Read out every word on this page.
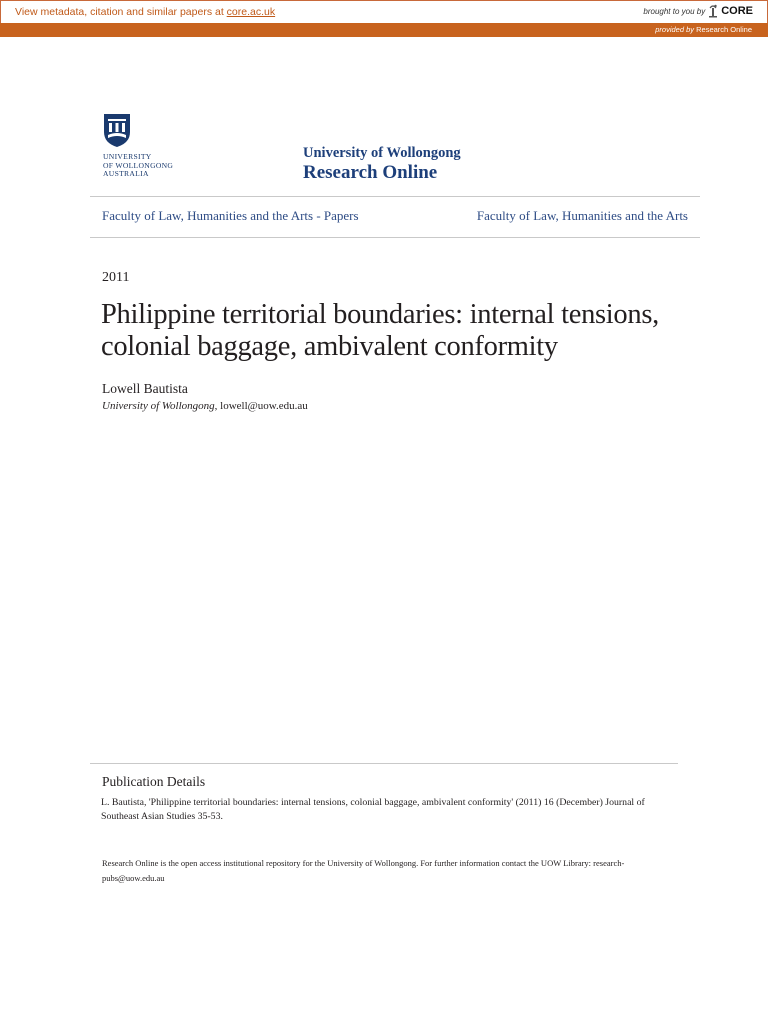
View metadata, citation and similar papers at core.ac.uk	brought to you by CORE
provided by Research Online
UNIVERSITY
OF WOLLONGONG
AUSTRALIA
University of Wollongong
Research Online
Faculty of Law, Humanities and the Arts - Papers	Faculty of Law, Humanities and the Arts
2011
Philippine territorial boundaries: internal tensions, colonial baggage, ambivalent conformity
Lowell Bautista
University of Wollongong, lowell@uow.edu.au
Publication Details
L. Bautista, 'Philippine territorial boundaries: internal tensions, colonial baggage, ambivalent conformity' (2011) 16 (December) Journal of Southeast Asian Studies 35-53.
Research Online is the open access institutional repository for the University of Wollongong. For further information contact the UOW Library: research-pubs@uow.edu.au
